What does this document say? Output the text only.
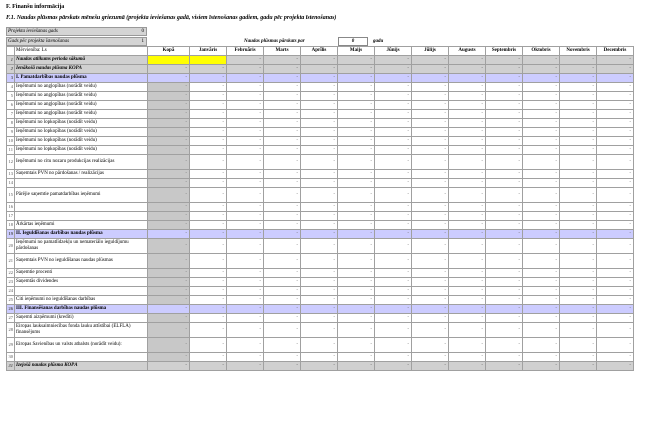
F. Finanšu informācija
F.1. Naudas plūsmas pārskats mēnešu griezumā (projekta ieviešanas gadā, visiem īstenošanas gadiem, gadu pēc projekta īstenošanas)
Projekta ieviešanas gads	0
Gads pēc projekta īstenošanas	1	Naudas plūsmas pārskats par	0	gadu
	Mērvienība: Ls	Kopā	Janvāris	Februāris	Marts	Aprīlis	Maijs	Jūnijs	Jūlijs	Augusts	Septembris	Oktobris	Novembris	Decembris
1	Naudas atlikums perioda sākumā			-	-	-	-	-	-	-	-	-	-	-
2	Ienākošā naudas plūsma KOPĀ	-	-	-	-	-	-	-	-	-	-	-	-	-
3	I. Pamatdarbības naudas plūsma	-	-	-	-	-	-	-	-	-	-	-	-	-
4	Ieņēmumi no angļopības (norādīt veidu)	-	-	-	-	-	-	-	-	-	-	-	-	-
5	Ieņēmumi no angļopības (norādīt veidu)	-	-	-	-	-	-	-	-	-	-	-	-	-
6	Ieņēmumi no angļopības (norādīt veidu)	-	-	-	-	-	-	-	-	-	-	-	-	-
7	Ieņēmumi no angļopības (norādīt veidu)	-	-	-	-	-	-	-	-	-	-	-	-	-
8	Ieņēmumi no lopkopības (norādīt veidu)	-	-	-	-	-	-	-	-	-	-	-	-	-
9	Ieņēmumi no lopkopības (norādīt veidu)	-	-	-	-	-	-	-	-	-	-	-	-	-
10	Ieņēmumi no lopkopības (norādīt veidu)	-	-	-	-	-	-	-	-	-	-	-	-	-
11	Ieņēmumi no lopkopības (norādīt veidu)	-	-	-	-	-	-	-	-	-	-	-	-	-
12	Ieņēmumi no citu nozaru produkcijas realizācijas	-	-	-	-	-	-	-	-	-	-	-	-	-
13	Saņemtais PVN no pārdošanas / realizācijas	-	-	-	-	-	-	-	-	-	-	-	-	-
14		-	-	-	-	-	-	-	-	-	-	-	-	-
15	Pārējie saņemtie pamatdarbības ieņēmumi	-	-	-	-	-	-	-	-	-	-	-	-	-
16		-	-	-	-	-	-	-	-	-	-	-	-	-
17		-	-	-	-	-	-	-	-	-	-	-	-	-
18	Ārkārtas ieņēmumi	-	-	-	-	-	-	-	-	-	-	-	-	-
19	II. Ieguldīšanas darbības naudas plūsma	-	-	-	-	-	-	-	-	-	-	-	-	-
20	Ieņēmumi no pamatlīdzekļu un nemateriālo ieguldījumu pārdošanas	-	-	-	-	-	-	-	-	-	-	-	-	-
21	Saņemtais PVN no ieguldīšanas naudas plūsmas	-	-	-	-	-	-	-	-	-	-	-	-	-
22	Saņemtie procenti	-	-	-	-	-	-	-	-	-	-	-	-	-
23	Saņemtās dividendes	-	-	-	-	-	-	-	-	-	-	-	-	-
24		-	-	-	-	-	-	-	-	-	-	-	-	-
25	Citi ieņēmumi no ieguldīšanas darbības	-	-	-	-	-	-	-	-	-	-	-	-	-
26	III. Finansēšanas darbības naudas plūsma	-	-	-	-	-	-	-	-	-	-	-	-	-
27	Saņemti aizņēmumi (kredīti)	-	-	-	-	-	-	-	-	-	-	-	-	-
28	Eiropas lauksaimniecības fonda lauku attīstībai (ELFLA) finansējums	-	-	-	-	-	-	-	-	-	-	-	-	-
29	Eiropas Savienības un valsts atbalsts (norādīt veidu):	-	-	-	-	-	-	-	-	-	-	-	-	-
30		-	-	-	-	-	-	-	-	-	-	-	-	-
31	Izejošā naudas plūsma KOPĀ	-	-	-	-	-	-	-	-	-	-	-	-	-
